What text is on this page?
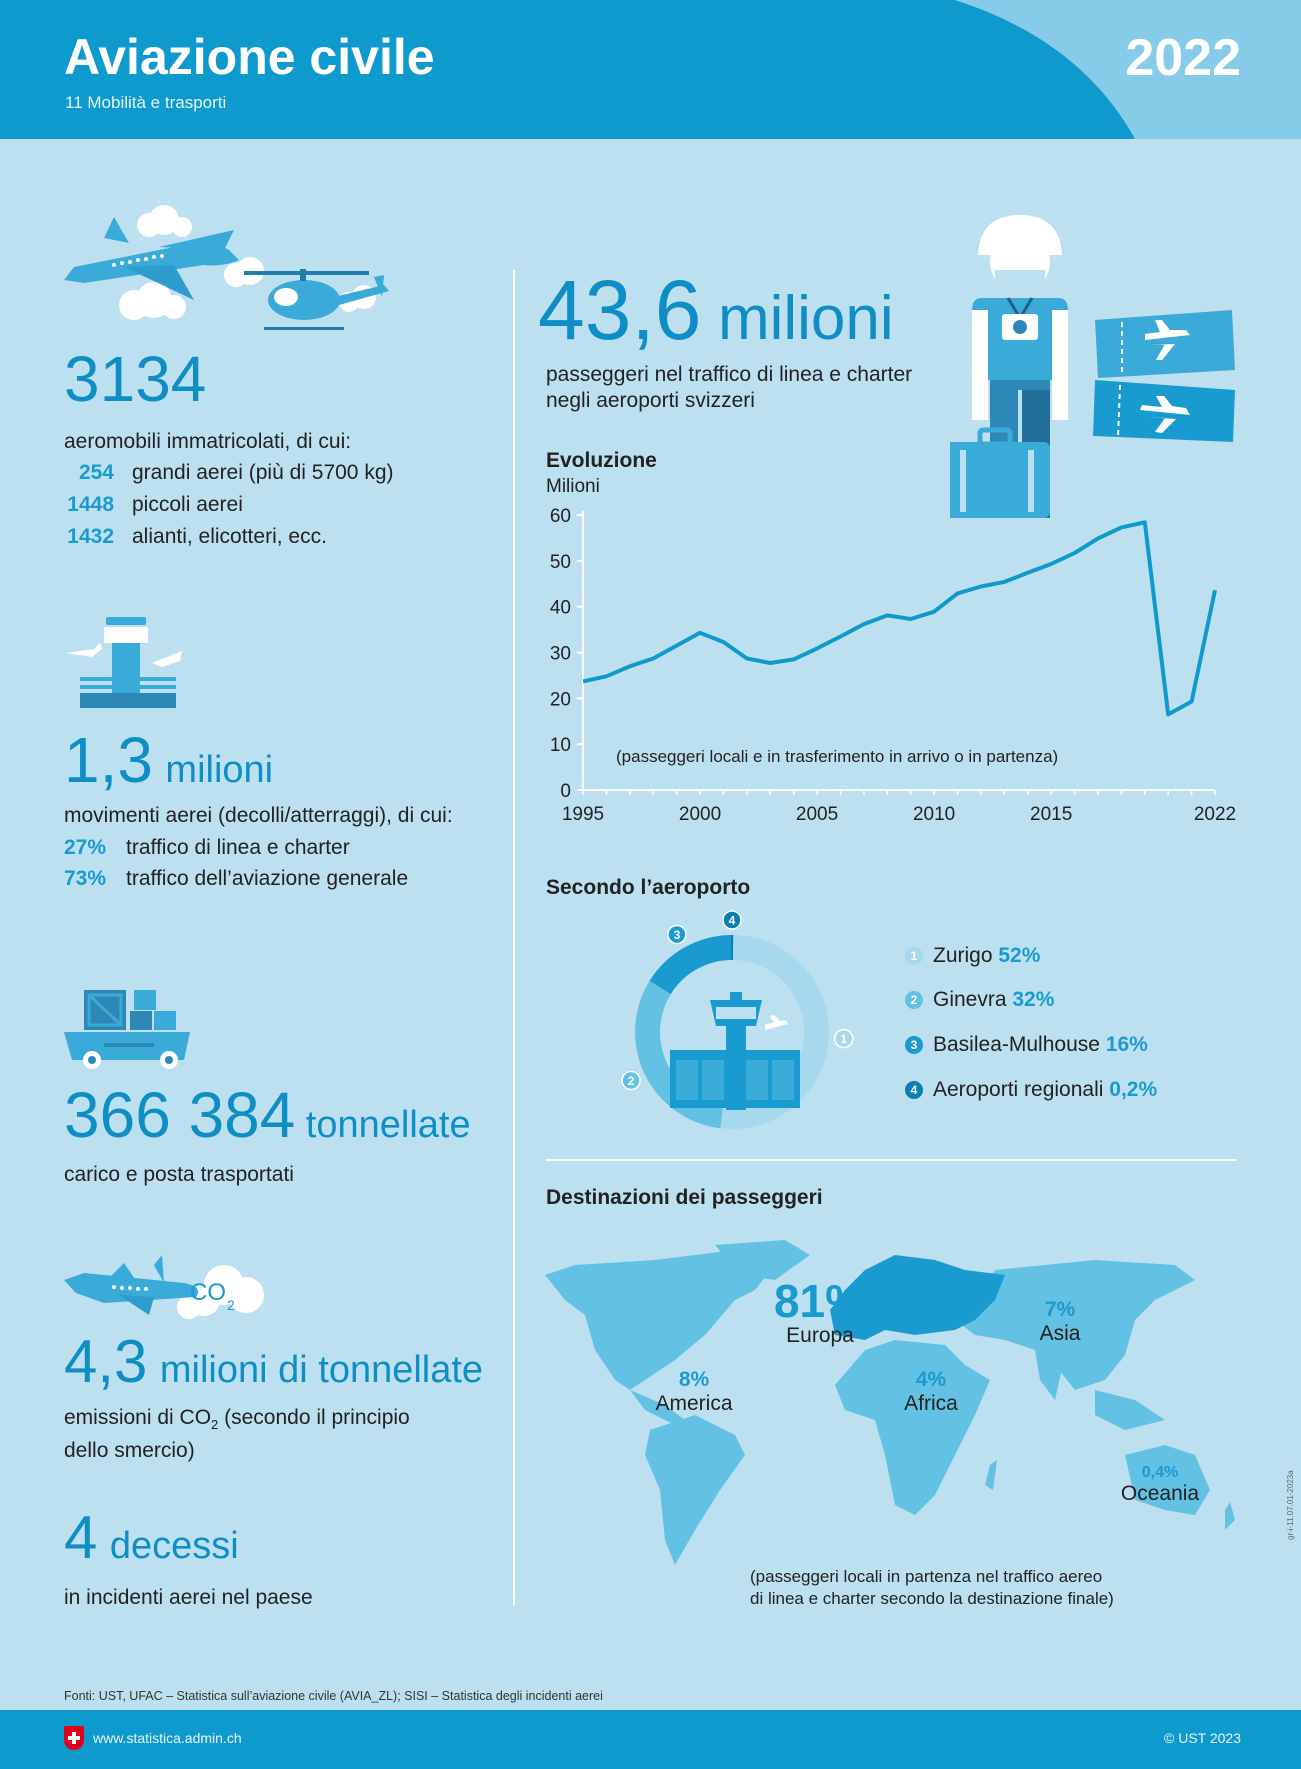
Aviazione civile
11 Mobilità e trasporti
2022
3134
aeromobili immatricolati, di cui:
254 grandi aerei (più di 5700 kg)
1448 piccoli aerei
1432 alianti, elicotteri, ecc.
1,3 milioni
movimenti aerei (decolli/atterraggi), di cui:
27% traffico di linea e charter
73% traffico dell’aviazione generale
366 384 tonnellate
carico e posta trasportati
CO 2
4,3 milioni di tonnellate
emissioni di $CO_2$ (secondo il principio
dello smercio)
4 decessi
in incidenti aerei nel paese
43,6 milioni
passeggeri nel traffico di linea e charter
negli aeroporti svizzeri
Evoluzione
Milioni
0
10
20
30
40
50
60
1995	2000	2005	2010	2015	2022
(passeggeri locali e in trasferimento in arrivo o in partenza)
Secondo l’aeroporto
1
2
3
4
1 Zurigo 52%
2 Ginevra 32%
3 Basilea-Mulhouse 16%
4 Aeroporti regionali 0,2%
Destinazioni dei passeggeri
81%
Europa
7%
Asia
8%
America
4%
Africa
0,4%
Oceania
(passeggeri locali in partenza nel traffico aereo
di linea e charter secondo la destinazione finale)
gr-i-11.07.01-2023a
Fonti: UST, UFAC – Statistica sull’aviazione civile (AVIA_ZL); SISI – Statistica degli incidenti aerei
www.statistica.admin.ch	© UST 2023
